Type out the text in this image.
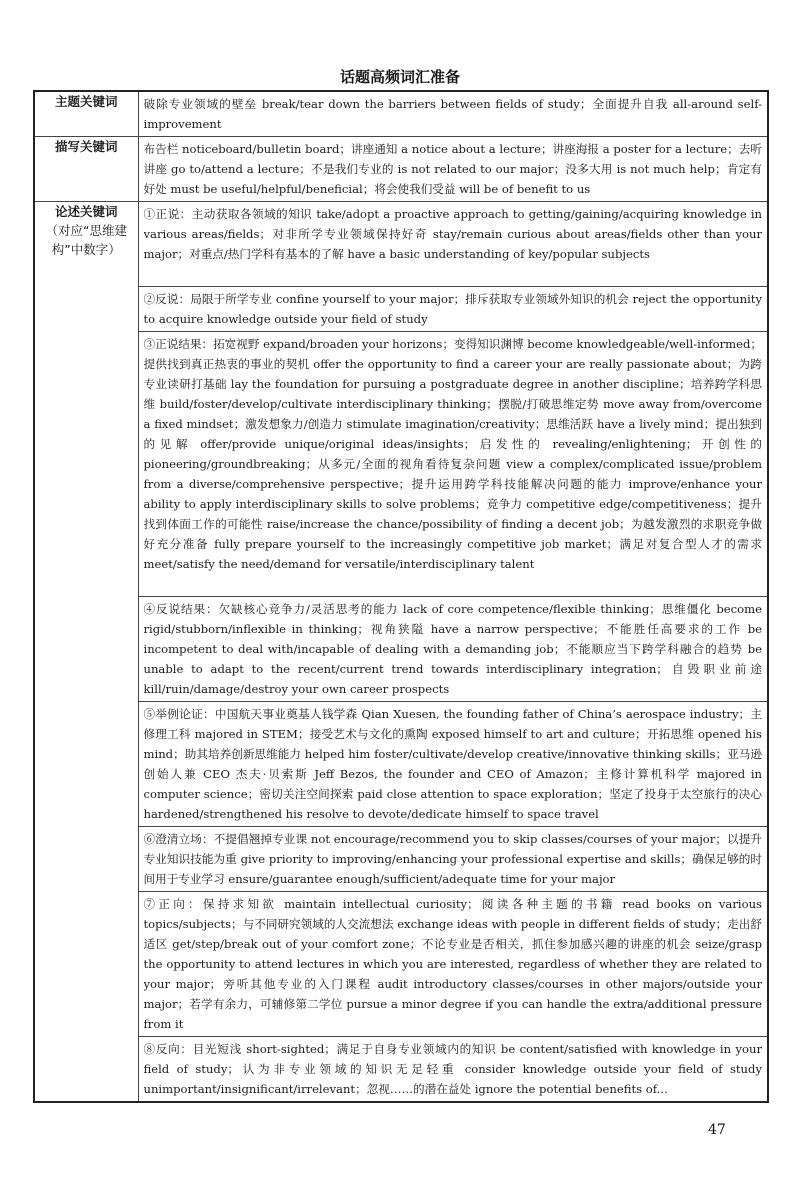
话题高频词汇准备
主题关键词	破除专业领域的壁垒 break/tear down the barriers between fields of study；全面提升自我 all-around self-improvement

描写关键词	布告栏 noticeboard/bulletin board；讲座通知 a notice about a lecture；讲座海报 a poster for a lecture；去听讲座 go to/attend a lecture；不是我们专业的 is not related to our major；没多大用 is not much help；肯定有好处 must be useful/helpful/beneficial；将会使我们受益 will be of benefit to us

论述关键词
（对应“思维建构”中数字）	①正说：主动获取各领域的知识 take/adopt a proactive approach to getting/gaining/acquiring knowledge in various areas/fields；对非所学专业领域保持好奇 stay/remain curious about areas/fields other than your major；对重点/热门学科有基本的了解 have a basic understanding of key/popular subjects

	②反说：局限于所学专业 confine yourself to your major；排斥获取专业领域外知识的机会 reject the opportunity to acquire knowledge outside your field of study

	③正说结果：拓宽视野 expand/broaden your horizons；变得知识渊博 become knowledgeable/well-informed；提供找到真正热衷的事业的契机 offer the opportunity to find a career your are really passionate about；为跨专业读研打基础 lay the foundation for pursuing a postgraduate degree in another discipline；培养跨学科思维 build/foster/develop/cultivate interdisciplinary thinking；摆脱/打破思维定势 move away from/overcome a fixed mindset；激发想象力/创造力 stimulate imagination/creativity；思维活跃 have a lively mind；提出独到的见解 offer/provide unique/original ideas/insights；启发性的 revealing/enlightening；开创性的 pioneering/groundbreaking；从多元/全面的视角看待复杂问题 view a complex/complicated issue/problem from a diverse/comprehensive perspective；提升运用跨学科技能解决问题的能力 improve/enhance your ability to apply interdisciplinary skills to solve problems；竞争力 competitive edge/competitiveness；提升找到体面工作的可能性 raise/increase the chance/possibility of finding a decent job；为越发激烈的求职竞争做好充分准备 fully prepare yourself to the increasingly competitive job market；满足对复合型人才的需求 meet/satisfy the need/demand for versatile/interdisciplinary talent

	④反说结果：欠缺核心竞争力/灵活思考的能力 lack of core competence/flexible thinking；思维僵化 become rigid/stubborn/inflexible in thinking；视角狭隘 have a narrow perspective；不能胜任高要求的工作 be incompetent to deal with/incapable of dealing with a demanding job；不能顺应当下跨学科融合的趋势 be unable to adapt to the recent/current trend towards interdisciplinary integration；自毁职业前途 kill/ruin/damage/destroy your own career prospects

	⑤举例论证：中国航天事业奠基人钱学森 Qian Xuesen, the founding father of China’s aerospace industry；主修理工科 majored in STEM；接受艺术与文化的熏陶 exposed himself to art and culture；开拓思维 opened his mind；助其培养创新思维能力 helped him foster/cultivate/develop creative/innovative thinking skills；亚马逊创始人兼 CEO 杰夫·贝索斯 Jeff Bezos, the founder and CEO of Amazon；主修计算机科学 majored in computer science；密切关注空间探索 paid close attention to space exploration；坚定了投身于太空旅行的决心 hardened/strengthened his resolve to devote/dedicate himself to space travel

	⑥澄清立场：不提倡翘掉专业课 not encourage/recommend you to skip classes/courses of your major；以提升专业知识技能为重 give priority to improving/enhancing your professional expertise and skills；确保足够的时间用于专业学习 ensure/guarantee enough/sufficient/adequate time for your major

	⑦正向：保持求知欲 maintain intellectual curiosity；阅读各种主题的书籍 read books on various topics/subjects；与不同研究领域的人交流想法 exchange ideas with people in different fields of study；走出舒适区 get/step/break out of your comfort zone；不论专业是否相关，抓住参加感兴趣的讲座的机会 seize/grasp the opportunity to attend lectures in which you are interested, regardless of whether they are related to your major；旁听其他专业的入门课程 audit introductory classes/courses in other majors/outside your major；若学有余力，可辅修第二学位 pursue a minor degree if you can handle the extra/additional pressure from it

	⑧反向：目光短浅 short-sighted；满足于自身专业领域内的知识 be content/satisfied with knowledge in your field of study；认为非专业领域的知识无足轻重 consider knowledge outside your field of study unimportant/insignificant/irrelevant；忽视……的潜在益处 ignore the potential benefits of...
47
